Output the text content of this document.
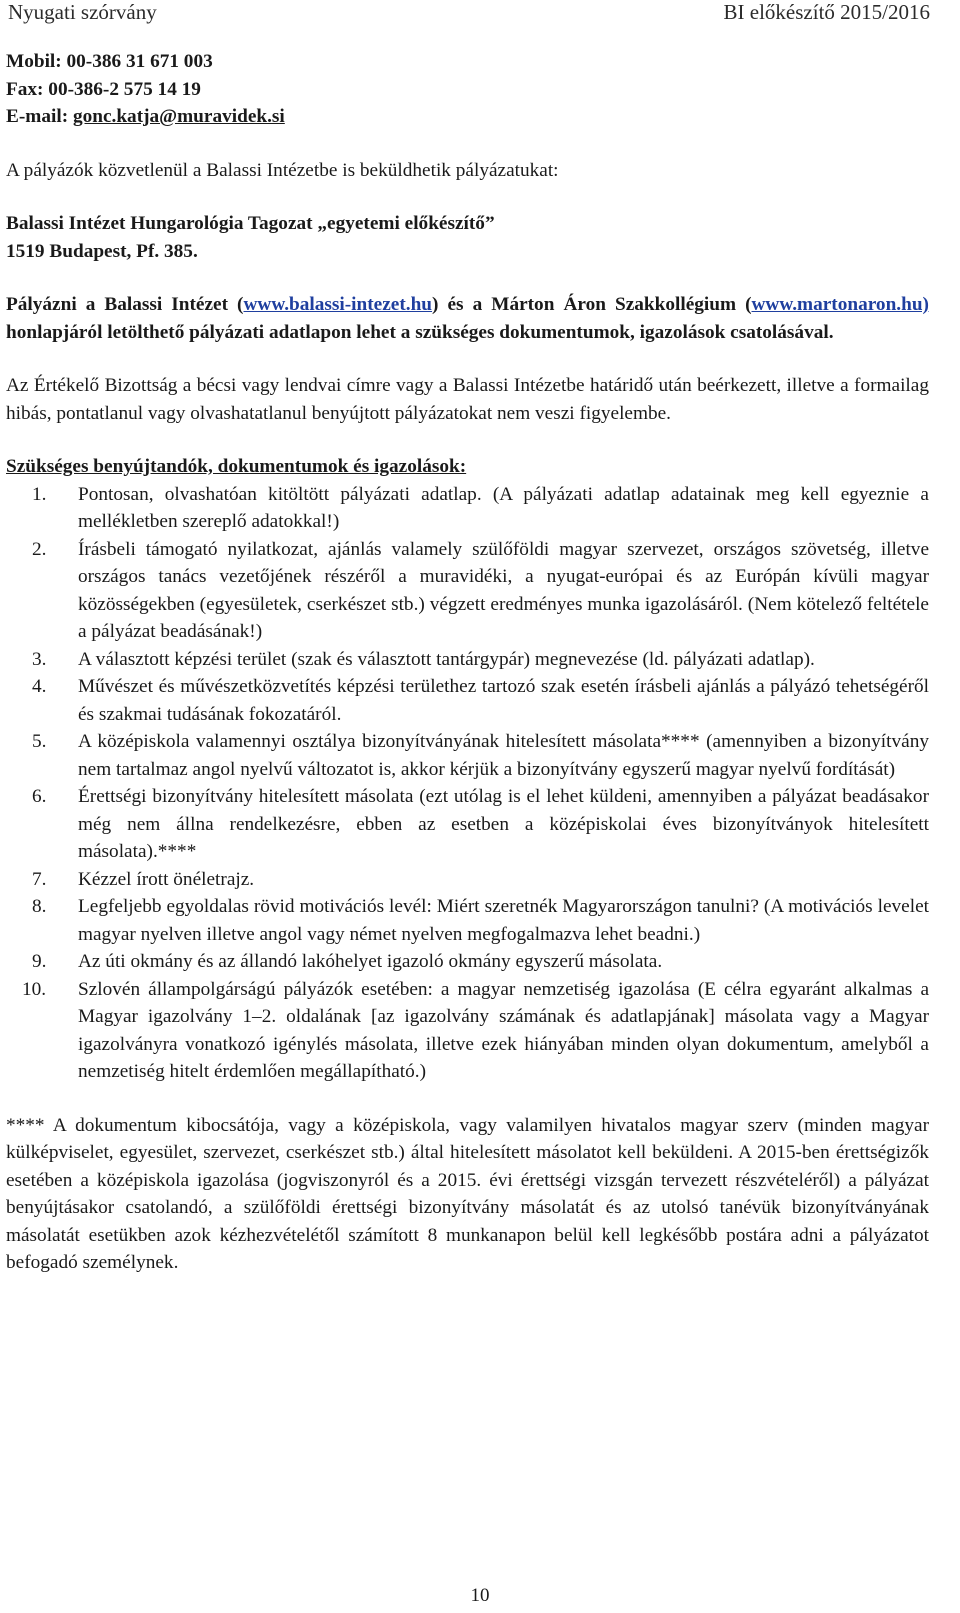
Nyugati szórvány	BI előkészítő 2015/2016

Mobil: 00-386 31 671 003

Fax: 00-386-2 575 14 19

E-mail: gonc.katja@muravidek.si

A pályázók közvetlenül a Balassi Intézetbe is beküldhetik pályázatukat:

Balassi Intézet Hungarológia Tagozat „egyetemi előkészítő”

1519 Budapest, Pf. 385.

Pályázni a Balassi Intézet (www.balassi-intezet.hu) és a Márton Áron Szakkollégium (www.martonaron.hu) honlapjáról letölthető pályázati adatlapon lehet a szükséges dokumentumok, igazolások csatolásával.

Az Értékelő Bizottság a bécsi vagy lendvai címre vagy a Balassi Intézetbe határidő után beérkezett, illetve a formailag hibás, pontatlanul vagy olvashatatlanul benyújtott pályázatokat nem veszi figyelembe.

Szükséges benyújtandók, dokumentumok és igazolások:

1. Pontosan, olvashatóan kitöltött pályázati adatlap. (A pályázati adatlap adatainak meg kell egyeznie a mellékletben szereplő adatokkal!)
2. Írásbeli támogató nyilatkozat, ajánlás valamely szülőföldi magyar szervezet, országos szövetség, illetve országos tanács vezetőjének részéről a muravidéki, a nyugat-európai és az Európán kívüli magyar közösségekben (egyesületek, cserkészet stb.) végzett eredményes munka igazolásáról. (Nem kötelező feltétele a pályázat beadásának!)
3. A választott képzési terület (szak és választott tantárgypár) megnevezése (ld. pályázati adatlap).
4. Művészet és művészetközvetítés képzési területhez tartozó szak esetén írásbeli ajánlás a pályázó tehetségéről és szakmai tudásának fokozatáról.
5. A középiskola valamennyi osztálya bizonyítványának hitelesített másolata**** (amennyiben a bizonyítvány nem tartalmaz angol nyelvű változatot is, akkor kérjük a bizonyítvány egyszerű magyar nyelvű fordítását)
6. Érettségi bizonyítvány hitelesített másolata (ezt utólag is el lehet küldeni, amennyiben a pályázat beadásakor még nem állna rendelkezésre, ebben az esetben a középiskolai éves bizonyítványok hitelesített másolata).****
7. Kézzel írott önéletrajz.
8. Legfeljebb egyoldalas rövid motivációs levél: Miért szeretnék Magyarországon tanulni? (A motivációs levelet magyar nyelven illetve angol vagy német nyelven megfogalmazva lehet beadni.)
9. Az úti okmány és az állandó lakóhelyet igazoló okmány egyszerű másolata.
10. Szlovén állampolgárságú pályázók esetében: a magyar nemzetiség igazolása (E célra egyaránt alkalmas a Magyar igazolvány 1–2. oldalának [az igazolvány számának és adatlapjának] másolata vagy a Magyar igazolványra vonatkozó igénylés másolata, illetve ezek hiányában minden olyan dokumentum, amelyből a nemzetiség hitelt érdemlően megállapítható.)

**** A dokumentum kibocsátója, vagy a középiskola, vagy valamilyen hivatalos magyar szerv (minden magyar külképviselet, egyesület, szervezet, cserkészet stb.) által hitelesített másolatot kell beküldeni. A 2015-ben érettségizők esetében a középiskola igazolása (jogviszonyról és a 2015. évi érettségi vizsgán tervezett részvételéről) a pályázat benyújtásakor csatolandó, a szülőföldi érettségi bizonyítvány másolatát és az utolsó tanévük bizonyítványának másolatát esetükben azok kézhezvételétől számított 8 munkanapon belül kell legkésőbb postára adni a pályázatot befogadó személynek.

10
